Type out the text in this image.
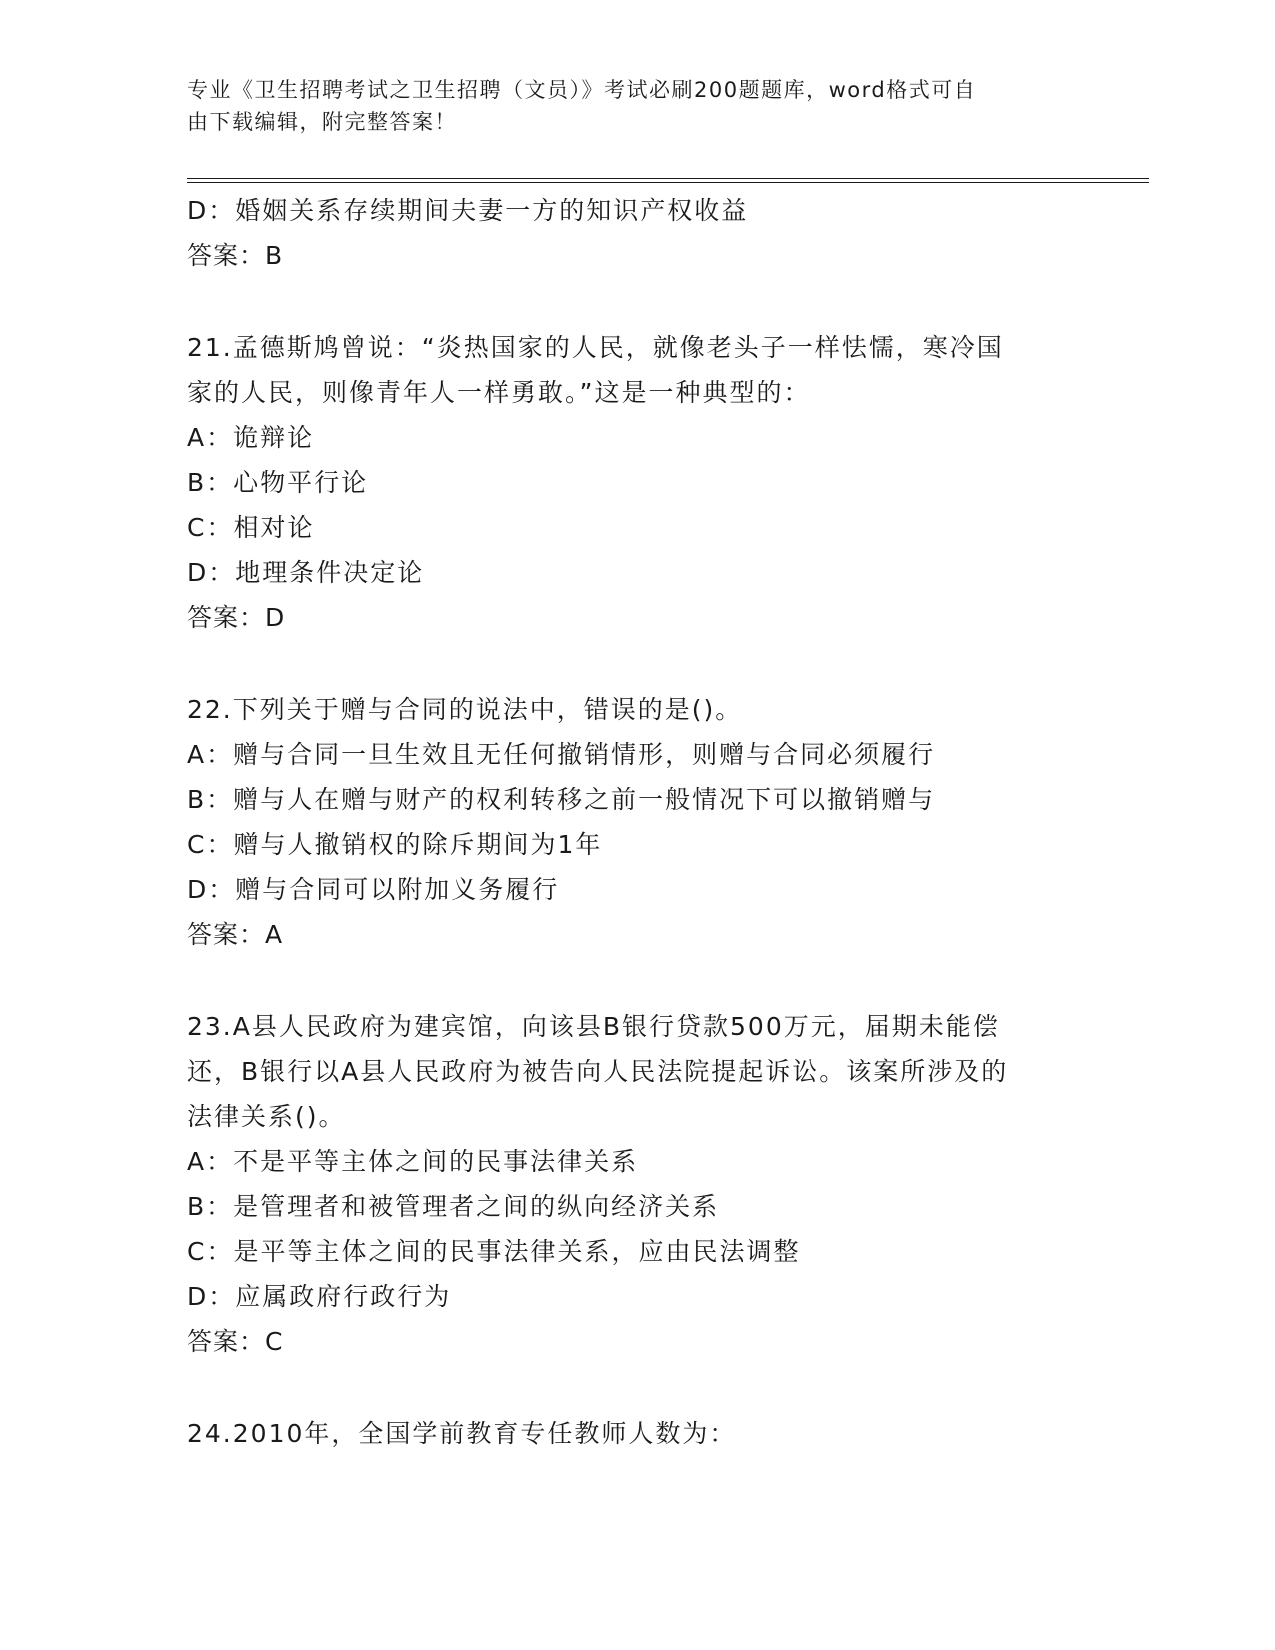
专业《卫生招聘考试之卫生招聘（文员）》考试必刷200题题库，word格式可自
由下载编辑，附完整答案！
D：婚姻关系存续期间夫妻一方的知识产权收益
答案：B
21.孟德斯鸠曾说：“炎热国家的人民，就像老头子一样怯懦，寒冷国
家的人民，则像青年人一样勇敢。”这是一种典型的：
A：诡辩论
B：心物平行论
C：相对论
D：地理条件决定论
答案：D
22.下列关于赠与合同的说法中，错误的是()。
A：赠与合同一旦生效且无任何撤销情形，则赠与合同必须履行
B：赠与人在赠与财产的权利转移之前一般情况下可以撤销赠与
C：赠与人撤销权的除斥期间为1年
D：赠与合同可以附加义务履行
答案：A
23.A县人民政府为建宾馆，向该县B银行贷款500万元，届期未能偿
还，B银行以A县人民政府为被告向人民法院提起诉讼。该案所涉及的
法律关系()。
A：不是平等主体之间的民事法律关系
B：是管理者和被管理者之间的纵向经济关系
C：是平等主体之间的民事法律关系，应由民法调整
D：应属政府行政行为
答案：C
24.2010年，全国学前教育专任教师人数为：
